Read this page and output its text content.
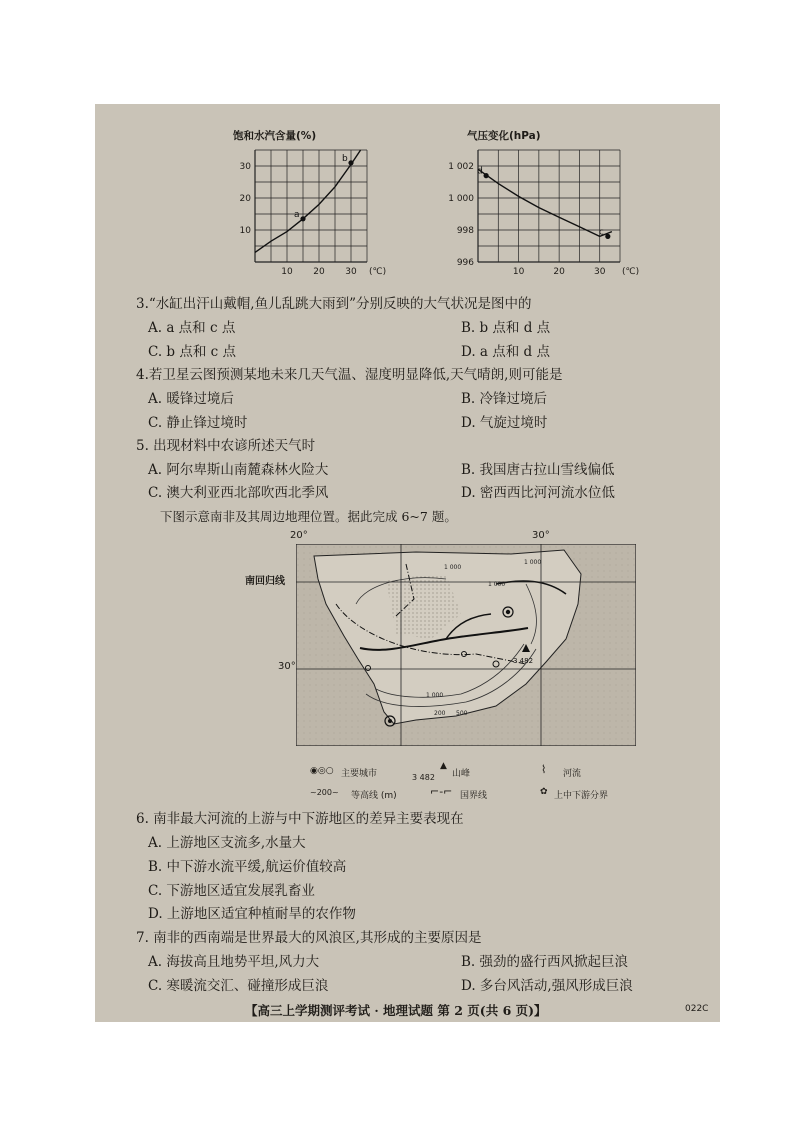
饱和水汽含量(%)
10 20 30 (℃)
10
20
30
a
b
气压变化(hPa)
10	20	30 (℃)
1 002
1 000
998
996
d
c
3.“水缸出汗山戴帽,鱼儿乱跳大雨到”分别反映的大气状况是图中的
A. a 点和 c 点	B. b 点和 d 点
C. b 点和 c 点	D. a 点和 d 点
4.若卫星云图预测某地未来几天气温、湿度明显降低,天气晴朗,则可能是
A. 暖锋过境后	B. 冷锋过境后
C. 静止锋过境时	D. 气旋过境时
5. 出现材料中农谚所述天气时
A. 阿尔卑斯山南麓森林火险大	B. 我国唐古拉山雪线偏低
C. 澳大利亚西北部吹西北季风	D. 密西西比河河流水位低
下图示意南非及其周边地理位置。据此完成 6~7 题。
20°	30°
南回归线
30°	3 482
1 000
1 000
1 000
1 000
200 500
◉◎○ 主要城市
▲
3 482 山峰	⌇ 河流
~200~ 等高线 (m)	⌐‐⌐ 国界线	✿ 上中下游分界
6. 南非最大河流的上游与中下游地区的差异主要表现在
A. 上游地区支流多,水量大
B. 中下游水流平缓,航运价值较高
C. 下游地区适宜发展乳畜业
D. 上游地区适宜种植耐旱的农作物
7. 南非的西南端是世界最大的风浪区,其形成的主要原因是
A. 海拔高且地势平坦,风力大	B. 强劲的盛行西风掀起巨浪
C. 寒暖流交汇、碰撞形成巨浪	D. 多台风活动,强风形成巨浪
【高三上学期测评考试 · 地理试题 第 2 页(共 6 页)】	022C
